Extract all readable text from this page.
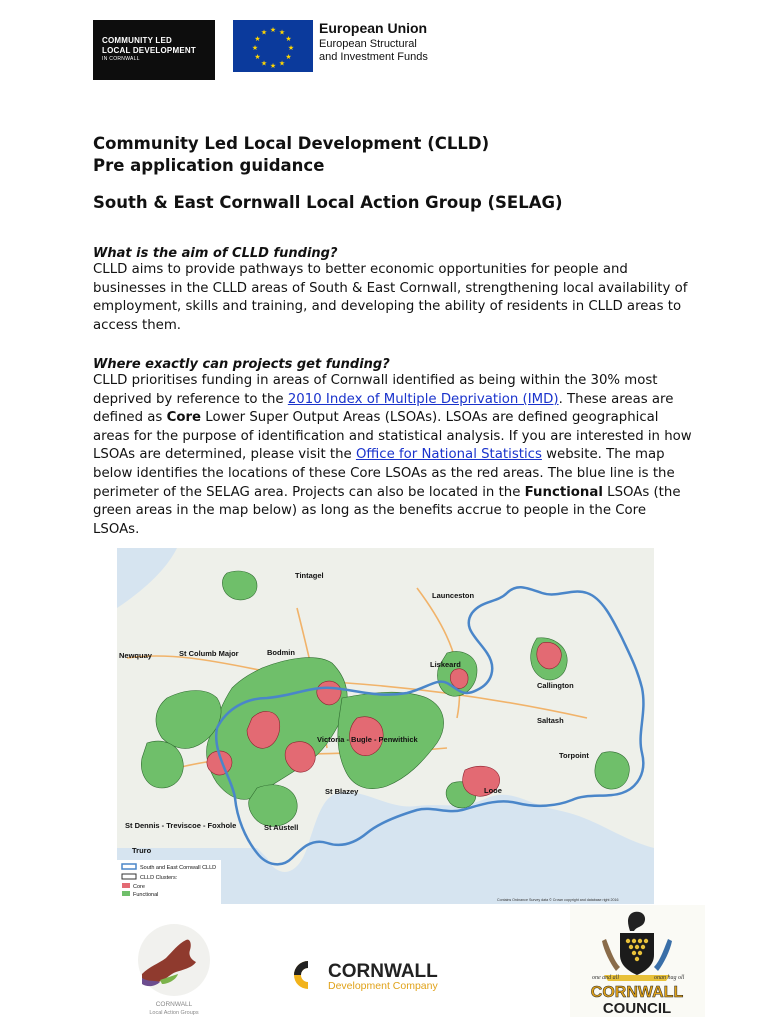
COMMUNITY LED
LOCAL DEVELOPMENT
IN CORNWALL
★ ★
★
★
★
★
★
★
★
★
★
★	European Union
European Structural
and Investment Funds
Community Led Local Development (CLLD)
Pre application guidance
South & East Cornwall Local Action Group (SELAG)
What is the aim of CLLD funding?
CLLD aims to provide pathways to better economic opportunities for people and businesses in the CLLD areas of South & East Cornwall, strengthening local availability of employment, skills and training, and developing the ability of residents in CLLD areas to access them.
Where exactly can projects get funding?
CLLD prioritises funding in areas of Cornwall identified as being within the 30% most deprived by reference to the 2010 Index of Multiple Deprivation (IMD). These areas are defined as Core Lower Super Output Areas (LSOAs). LSOAs are defined geographical areas for the purpose of identification and statistical analysis. If you are interested in how LSOAs are determined, please visit the Office for National Statistics website. The map below identifies the locations of these Core LSOAs as the red areas. The blue line is the perimeter of the SELAG area. Projects can also be located in the Functional LSOAs (the green areas in the map below) as long as the benefits accrue to people in the Core LSOAs.
Tintagel
Launceston
Newquay	St Columb Major	Bodmin
Liskeard
Callington
Saltash
Victoria - Bugle - Penwithick
Torpoint
St Blazey	Looe
St Dennis - Treviscoe - Foxhole	St Austell
Truro
South and East Cornwall CLLD
CLLD Clusters:
Core
Functional
Contains Ordnance Survey data © Crown copyright and database right 2016
CORNWALL
Local Action Groups
CORNWALL
Development Company
one and all	onan hag oll
CORNWALL
COUNCIL
